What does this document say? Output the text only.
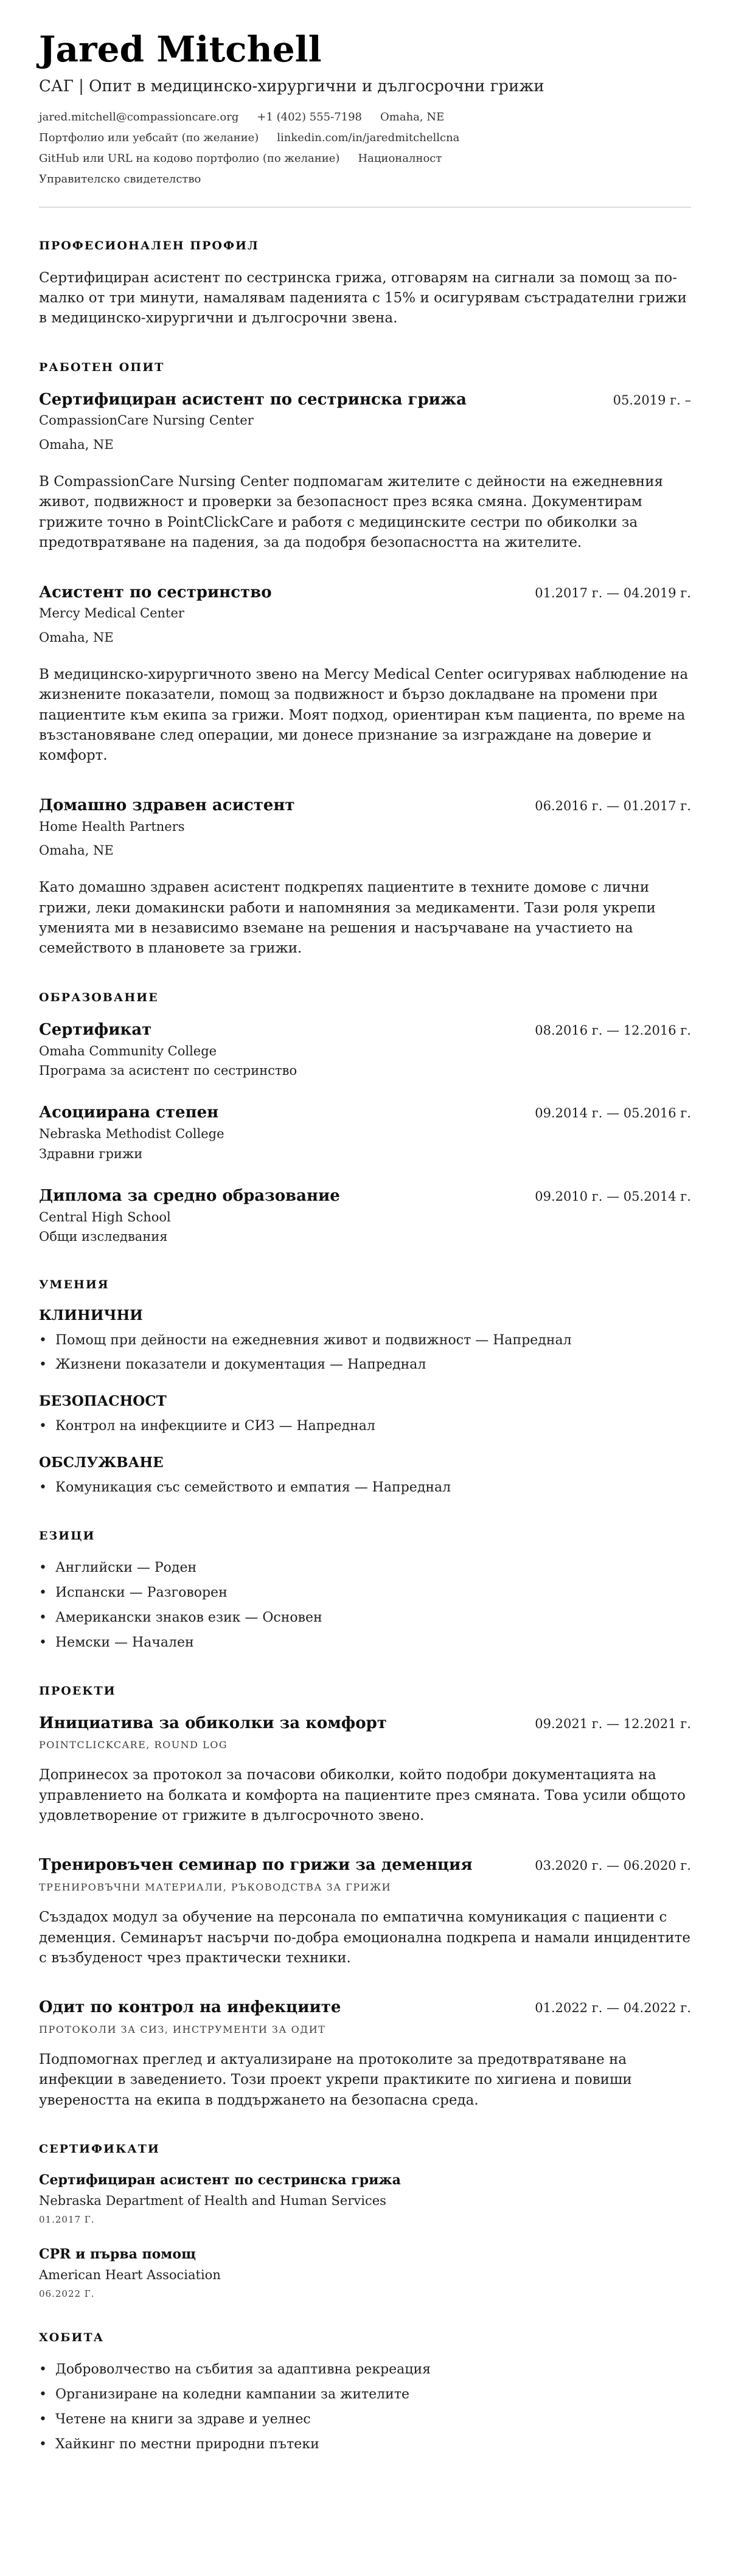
Jared Mitchell
САГ | Опит в медицинско-хирургични и дългосрочни грижи
jared.mitchell@compassioncare.org +1 (402) 555-7198 Omaha, NE
Портфолио или уебсайт (по желание) linkedin.com/in/jaredmitchellcna
GitHub или URL на кодово портфолио (по желание) Националност
Управителско свидетелство
ПРОФЕСИОНАЛЕН ПРОФИЛ

Сертифициран асистент по сестринска грижа, отговарям на сигнали за помощ за по-малко от три минути, намалявам паденията с 15% и осигурявам състрадателни грижи в медицинско-хирургични и дългосрочни звена.

РАБОТЕН ОПИТ
Сертифициран асистент по сестринска грижа	05.2019 г. –
CompassionCare Nursing Center
Omaha, NE

В CompassionCare Nursing Center подпомагам жителите с дейности на ежедневния живот, подвижност и проверки за безопасност през всяка смяна. Документирам грижите точно в PointClickCare и работя с медицинските сестри по обиколки за предотвратяване на падения, за да подобря безопасността на жителите.

Асистент по сестринство	01.2017 г. — 04.2019 г.
Mercy Medical Center
Omaha, NE

В медицинско-хирургичното звено на Mercy Medical Center осигурявах наблюдение на жизнените показатели, помощ за подвижност и бързо докладване на промени при пациентите към екипа за грижи. Моят подход, ориентиран към пациента, по време на възстановяване след операции, ми донесе признание за изграждане на доверие и комфорт.

Домашно здравен асистент	06.2016 г. — 01.2017 г.
Home Health Partners
Omaha, NE

Като домашно здравен асистент подкрепях пациентите в техните домове с лични грижи, леки домакински работи и напомняния за медикаменти. Тази роля укрепи уменията ми в независимо вземане на решения и насърчаване на участието на семейството в плановете за грижи.

ОБРАЗОВАНИЕ
Сертификат	08.2016 г. — 12.2016 г.
Omaha Community College
Програма за асистент по сестринство
Асоциирана степен	09.2014 г. — 05.2016 г.
Nebraska Methodist College
Здравни грижи
Диплома за средно образование	09.2010 г. — 05.2014 г.
Central High School
Общи изследвания
УМЕНИЯ
КЛИНИЧНИ
• Помощ при дейности на ежедневния живот и подвижност — Напреднал
• Жизнени показатели и документация — Напреднал
БЕЗОПАСНОСТ
• Контрол на инфекциите и СИЗ — Напреднал
ОБСЛУЖВАНЕ
• Комуникация със семейството и емпатия — Напреднал
ЕЗИЦИ
• Английски — Роден
• Испански — Разговорен
• Американски знаков език — Основен
• Немски — Начален
ПРОЕКТИ
Инициатива за обиколки за комфорт	09.2021 г. — 12.2021 г.
POINTCLICKCARE, ROUND LOG

Допринесох за протокол за почасови обиколки, който подобри документацията на управлението на болката и комфорта на пациентите през смяната. Това усили общото удовлетворение от грижите в дългосрочното звено.

Тренировъчен семинар по грижи за деменция	03.2020 г. — 06.2020 г.
ТРЕНИРОВЪЧНИ МАТЕРИАЛИ, РЪКОВОДСТВА ЗА ГРИЖИ

Създадох модул за обучение на персонала по емпатична комуникация с пациенти с деменция. Семинарът насърчи по-добра емоционална подкрепа и намали инцидентите с възбуденост чрез практически техники.

Одит по контрол на инфекциите	01.2022 г. — 04.2022 г.
ПРОТОКОЛИ ЗА СИЗ, ИНСТРУМЕНТИ ЗА ОДИТ

Подпомогнах преглед и актуализиране на протоколите за предотвратяване на инфекции в заведението. Този проект укрепи практиките по хигиена и повиши увереността на екипа в поддържането на безопасна среда.

СЕРТИФИКАТИ
Сертифициран асистент по сестринска грижа
Nebraska Department of Health and Human Services
01.2017 Г.
CPR и първа помощ
American Heart Association
06.2022 Г.
ХОБИТА
• Доброволчество на събития за адаптивна рекреация
• Организиране на коледни кампании за жителите
• Четене на книги за здраве и уелнес
• Хайкинг по местни природни пътеки
